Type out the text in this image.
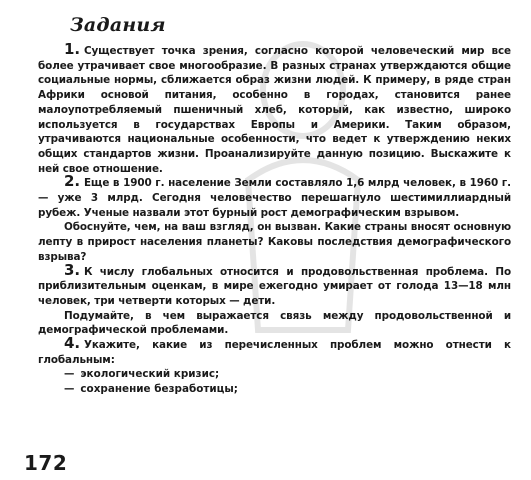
Задания

1. Существует точка зрения, согласно которой человеческий мир все более утрачивает свое многообразие. В разных странах утверждаются общие социальные нормы, сближается образ жизни людей. К примеру, в ряде стран Африки основой питания, особенно в городах, становится ранее малоупотребляемый пшеничный хлеб, который, как известно, широко используется в государствах Европы и Америки. Таким образом, утрачиваются национальные особенности, что ведет к утверждению неких общих стандартов жизни. Проанализируйте данную позицию. Выскажите к ней свое отношение.

2. Еще в 1900 г. население Земли составляло 1,6 млрд человек, в 1960 г. — уже 3 млрд. Сегодня человечество перешагнуло шестимиллиардный рубеж. Ученые назвали этот бурный рост демографическим взрывом.

Обоснуйте, чем, на ваш взгляд, он вызван. Какие страны вносят основную лепту в прирост населения планеты? Каковы последствия демографического взрыва?

3. К числу глобальных относится и продовольственная проблема. По приблизительным оценкам, в мире ежегодно умирает от голода 13—18 млн человек, три четверти которых — дети.

Подумайте, в чем выражается связь между продовольственной и демографической проблемами.

4. Укажите, какие из перечисленных проблем можно отнести к глобальным:

— экологический кризис;
— сохранение безработицы;
172
